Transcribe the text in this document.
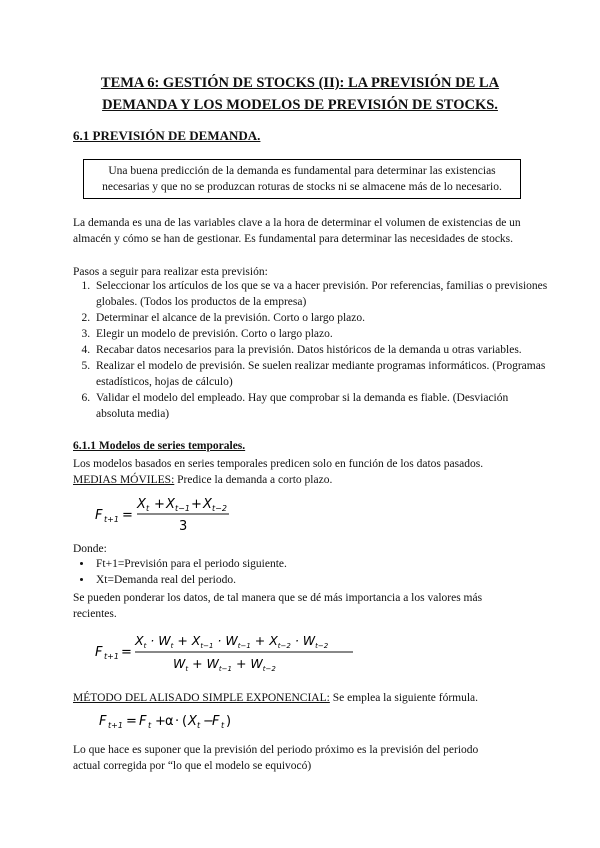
TEMA 6: GESTIÓN DE STOCKS (II): LA PREVISIÓN DE LA
DEMANDA Y LOS MODELOS DE PREVISIÓN DE STOCKS.
6.1 PREVISIÓN DE DEMANDA.
Una buena predicción de la demanda es fundamental para determinar las existencias necesarias y que no se produzcan roturas de stocks ni se almacene más de lo necesario.
La demanda es una de las variables clave a la hora de determinar el volumen de existencias de un almacén y cómo se han de gestionar. Es fundamental para determinar las necesidades de stocks.
Pasos a seguir para realizar esta previsión:
1. Seleccionar los artículos de los que se va a hacer previsión. Por referencias, familias o previsiones globales. (Todos los productos de la empresa)
2. Determinar el alcance de la previsión. Corto o largo plazo.
3. Elegir un modelo de previsión. Corto o largo plazo.
4. Recabar datos necesarios para la previsión. Datos históricos de la demanda u otras variables.
5. Realizar el modelo de previsión. Se suelen realizar mediante programas informáticos. (Programas estadísticos, hojas de cálculo)
6. Validar el modelo del empleado. Hay que comprobar si la demanda es fiable. (Desviación absoluta media)
6.1.1 Modelos de series temporales.
Los modelos basados en series temporales predicen solo en función de los datos pasados.
MEDIAS MÓVILES: Predice la demanda a corto plazo.
F t+1 =
X t + X t−1 + X t−2
3
Donde:
• Ft+1=Previsión para el periodo siguiente.
• Xt=Demanda real del periodo.
Se pueden ponderar los datos, de tal manera que se dé más importancia a los valores más
recientes.
F t+1 =
$X_t \cdot W_t + X_{t-1} \cdot W_{t-1} + X_{t-2} \cdot W_{t-2}$
$W_t + W_{t-1} + W_{t-2}$
MÉTODO DEL ALISADO SIMPLE EXPONENCIAL: Se emplea la siguiente fórmula.
F t+1 = F t + α · ( X t −
F t )
Lo que hace es suponer que la previsión del periodo próximo es la previsión del periodo
actual corregida por “lo que el modelo se equivocó)
